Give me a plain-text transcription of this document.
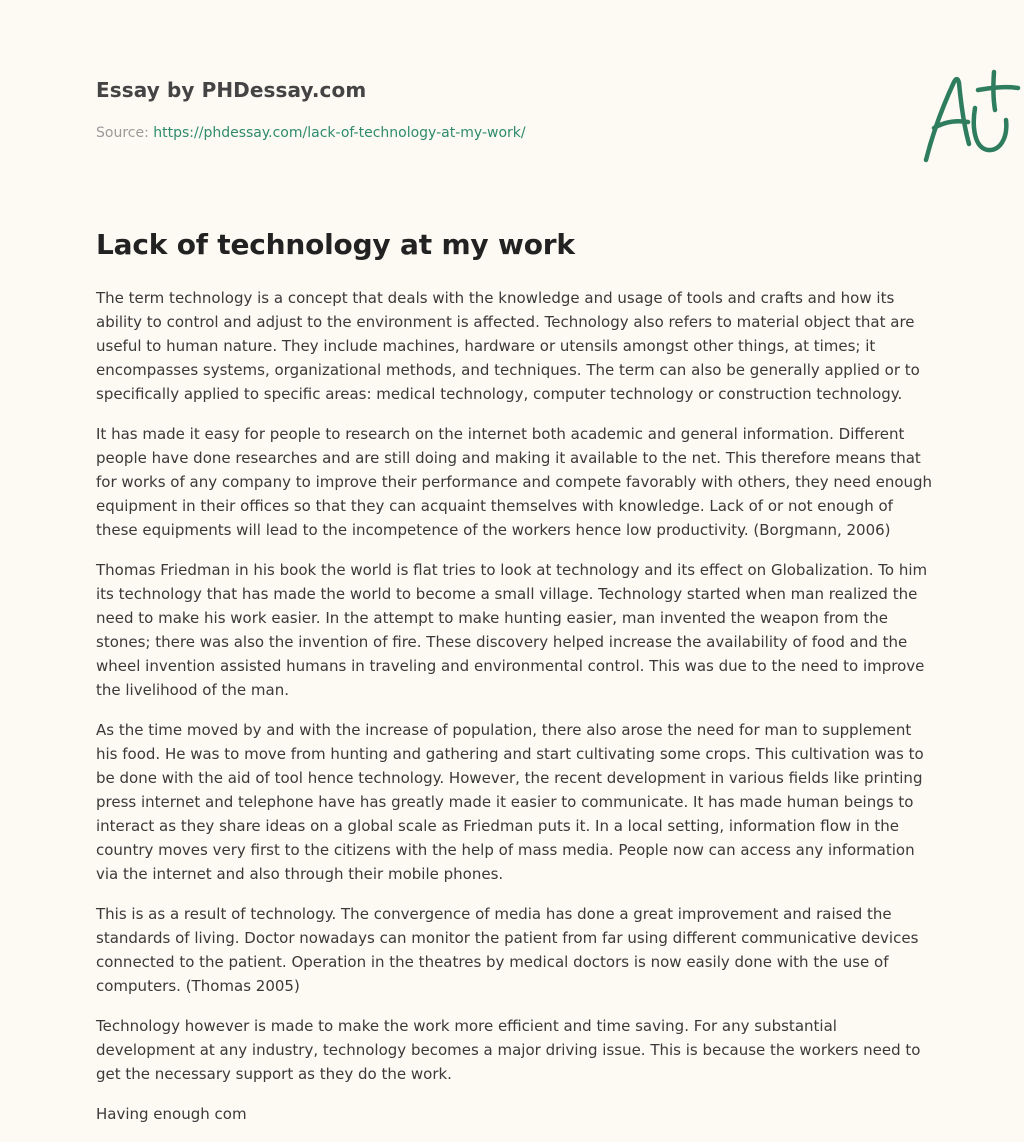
Essay by PHDessay.com
Source: https://phdessay.com/lack-of-technology-at-my-work/
Lack of technology at my work

The term technology is a concept that deals with the knowledge and usage of tools and crafts and how its ability to control and adjust to the environment is affected. Technology also refers to material object that are useful to human nature. They include machines, hardware or utensils amongst other things, at times; it encompasses systems, organizational methods, and techniques. The term can also be generally applied or to specifically applied to specific areas: medical technology, computer technology or construction technology.

It has made it easy for people to research on the internet both academic and general information. Different people have done researches and are still doing and making it available to the net. This therefore means that for works of any company to improve their performance and compete favorably with others, they need enough equipment in their offices so that they can acquaint themselves with knowledge. Lack of or not enough of these equipments will lead to the incompetence of the workers hence low productivity. (Borgmann, 2006)

Thomas Friedman in his book the world is flat tries to look at technology and its effect on Globalization. To him its technology that has made the world to become a small village. Technology started when man realized the need to make his work easier. In the attempt to make hunting easier, man invented the weapon from the stones; there was also the invention of fire. These discovery helped increase the availability of food and the wheel invention assisted humans in traveling and environmental control. This was due to the need to improve the livelihood of the man.

As the time moved by and with the increase of population, there also arose the need for man to supplement his food. He was to move from hunting and gathering and start cultivating some crops. This cultivation was to be done with the aid of tool hence technology. However, the recent development in various fields like printing press internet and telephone have has greatly made it easier to communicate. It has made human beings to interact as they share ideas on a global scale as Friedman puts it. In a local setting, information flow in the country moves very first to the citizens with the help of mass media. People now can access any information via the internet and also through their mobile phones.

This is as a result of technology. The convergence of media has done a great improvement and raised the standards of living. Doctor nowadays can monitor the patient from far using different communicative devices connected to the patient. Operation in the theatres by medical doctors is now easily done with the use of computers. (Thomas 2005)

Technology however is made to make the work more efficient and time saving. For any substantial development at any industry, technology becomes a major driving issue. This is because the workers need to get the necessary support as they do the work.

Having enough com
